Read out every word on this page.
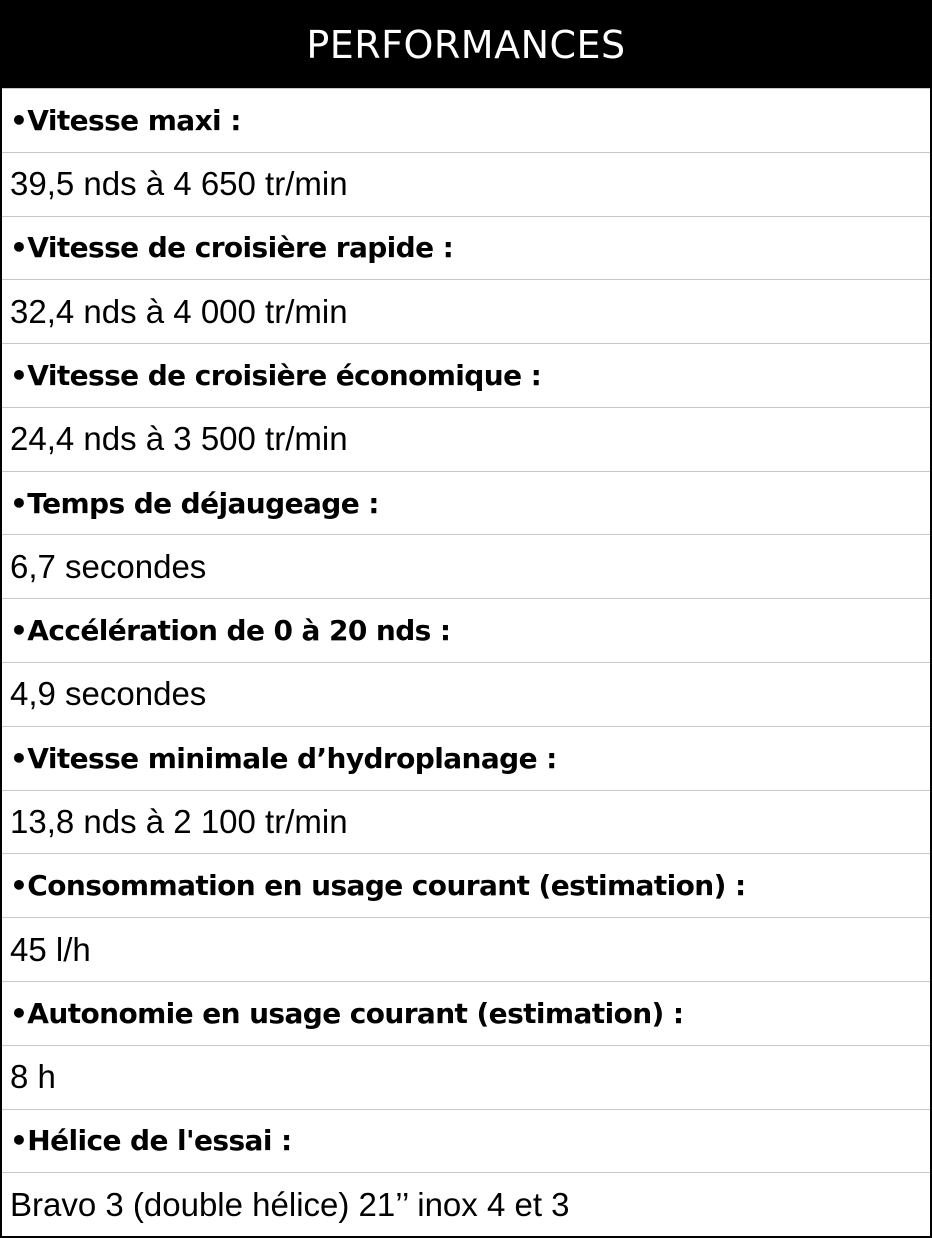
PERFORMANCES
•Vitesse maxi :
39,5 nds à 4 650 tr/min
•Vitesse de croisière rapide :
32,4 nds à 4 000 tr/min
•Vitesse de croisière économique :
24,4 nds à 3 500 tr/min
•Temps de déjaugeage :
6,7 secondes
•Accélération de 0 à 20 nds :
4,9 secondes
•Vitesse minimale d’hydroplanage :
13,8 nds à 2 100 tr/min
•Consommation en usage courant (estimation) :
45 l/h
•Autonomie en usage courant (estimation) :
8 h
•Hélice de l'essai :
Bravo 3 (double hélice) 21’’ inox 4 et 3
